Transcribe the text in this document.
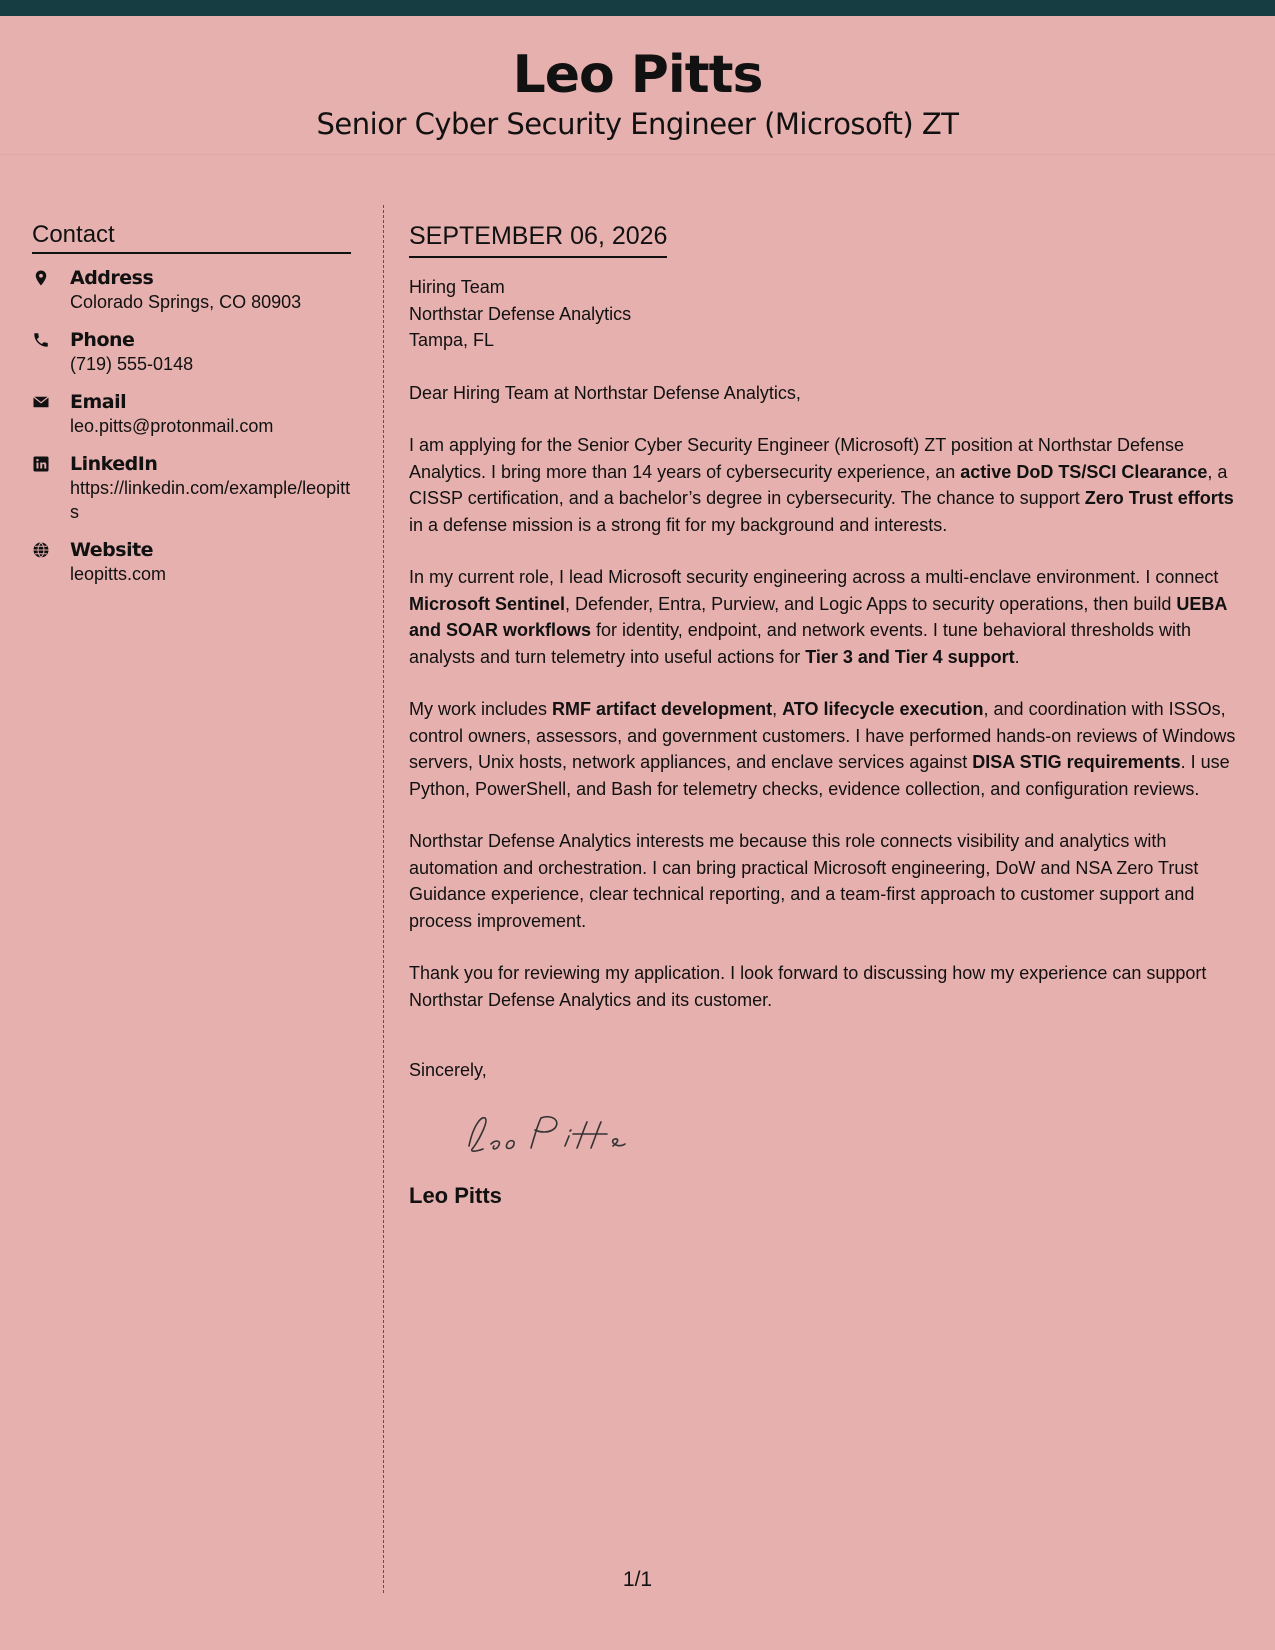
Leo Pitts
Senior Cyber Security Engineer (Microsoft) ZT
Contact
Address
Colorado Springs, CO 80903
Phone
(719) 555-0148
Email
leo.pitts@protonmail.com
LinkedIn
https://linkedin.com/example/leopitts
Website
leopitts.com
SEPTEMBER 06, 2026
Hiring Team
Northstar Defense Analytics
Tampa, FL

Dear Hiring Team at Northstar Defense Analytics,

I am applying for the Senior Cyber Security Engineer (Microsoft) ZT position at Northstar Defense Analytics. I bring more than 14 years of cybersecurity experience, an active DoD TS/SCI Clearance, a CISSP certification, and a bachelor’s degree in cybersecurity. The chance to support Zero Trust efforts in a defense mission is a strong fit for my background and interests.

In my current role, I lead Microsoft security engineering across a multi-enclave environment. I connect Microsoft Sentinel, Defender, Entra, Purview, and Logic Apps to security operations, then build UEBA and SOAR workflows for identity, endpoint, and network events. I tune behavioral thresholds with analysts and turn telemetry into useful actions for Tier 3 and Tier 4 support.

My work includes RMF artifact development, ATO lifecycle execution, and coordination with ISSOs, control owners, assessors, and government customers. I have performed hands-on reviews of Windows servers, Unix hosts, network appliances, and enclave services against DISA STIG requirements. I use Python, PowerShell, and Bash for telemetry checks, evidence collection, and configuration reviews.

Northstar Defense Analytics interests me because this role connects visibility and analytics with automation and orchestration. I can bring practical Microsoft engineering, DoW and NSA Zero Trust Guidance experience, clear technical reporting, and a team-first approach to customer support and process improvement.

Thank you for reviewing my application. I look forward to discussing how my experience can support Northstar Defense Analytics and its customer.

Sincerely,
Leo Pitts
1/1
